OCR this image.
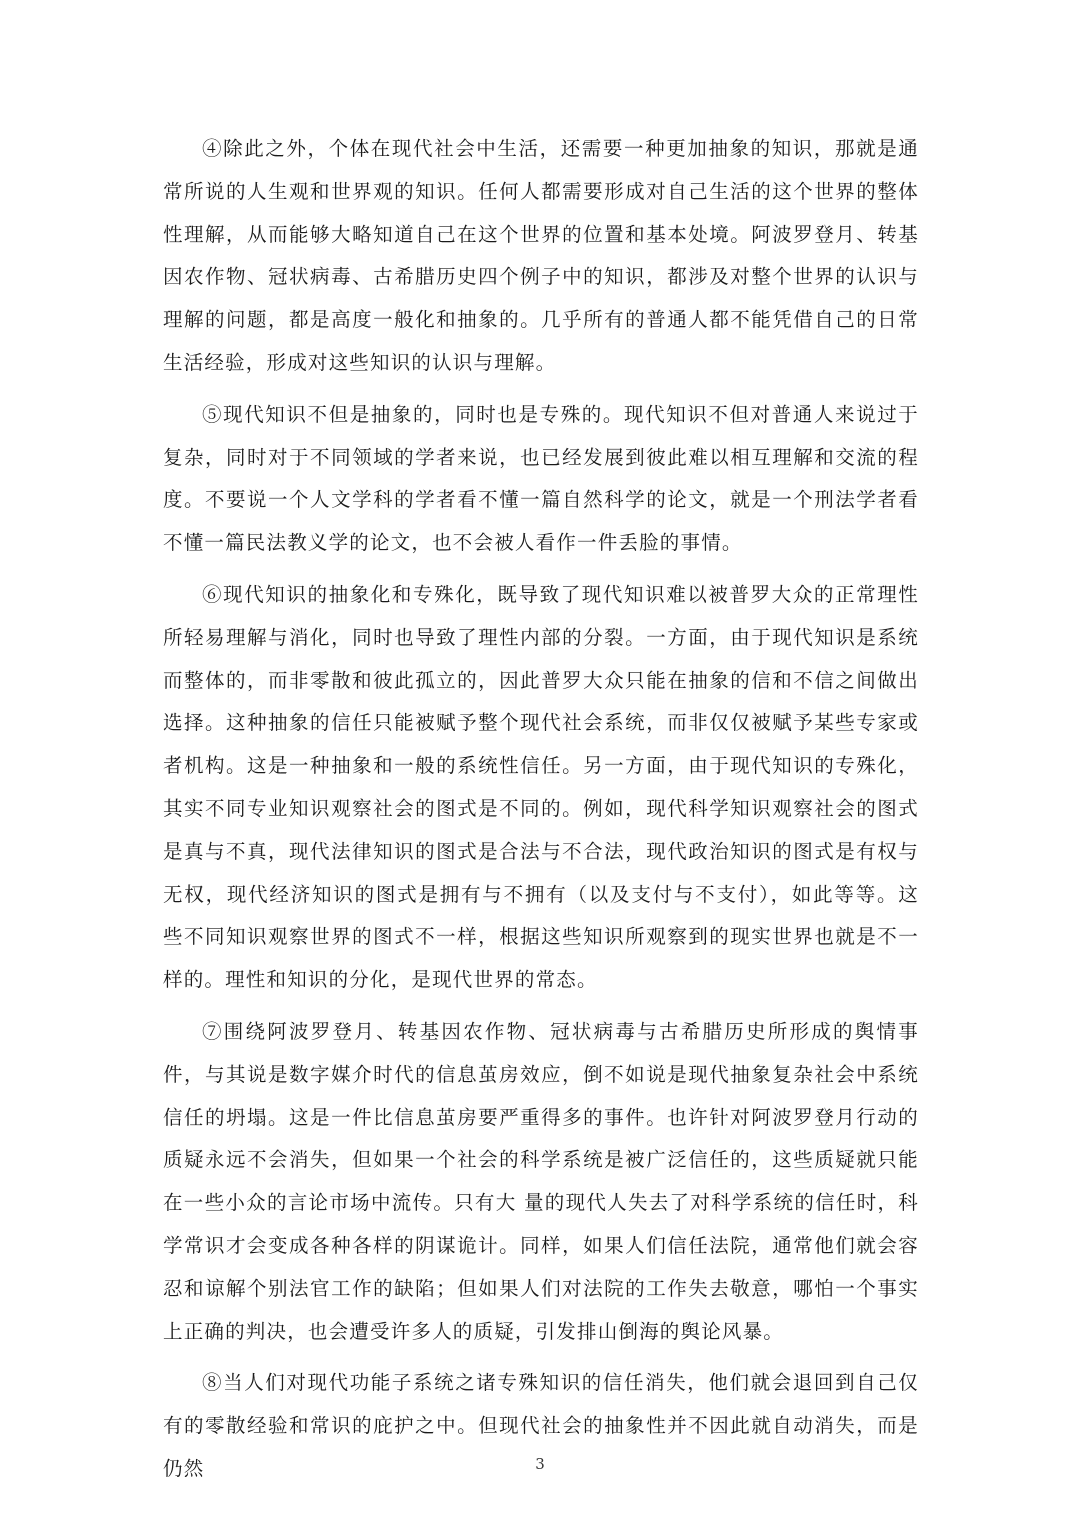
④除此之外，个体在现代社会中生活，还需要一种更加抽象的知识，那就是通常所说的人生观和世界观的知识。任何人都需要形成对自己生活的这个世界的整体性理解，从而能够大略知道自己在这个世界的位置和基本处境。阿波罗登月、转基因农作物、冠状病毒、古希腊历史四个例子中的知识，都涉及对整个世界的认识与理解的问题，都是高度一般化和抽象的。几乎所有的普通人都不能凭借自己的日常生活经验，形成对这些知识的认识与理解。

⑤现代知识不但是抽象的，同时也是专殊的。现代知识不但对普通人来说过于复杂，同时对于不同领域的学者来说，也已经发展到彼此难以相互理解和交流的程度。不要说一个人文学科的学者看不懂一篇自然科学的论文，就是一个刑法学者看不懂一篇民法教义学的论文，也不会被人看作一件丢脸的事情。

⑥现代知识的抽象化和专殊化，既导致了现代知识难以被普罗大众的正常理性所轻易理解与消化，同时也导致了理性内部的分裂。一方面，由于现代知识是系统而整体的，而非零散和彼此孤立的，因此普罗大众只能在抽象的信和不信之间做出选择。这种抽象的信任只能被赋予整个现代社会系统，而非仅仅被赋予某些专家或者机构。这是一种抽象和一般的系统性信任。另一方面，由于现代知识的专殊化，其实不同专业知识观察社会的图式是不同的。例如，现代科学知识观察社会的图式是真与不真，现代法律知识的图式是合法与不合法，现代政治知识的图式是有权与无权，现代经济知识的图式是拥有与不拥有（以及支付与不支付），如此等等。这些不同知识观察世界的图式不一样，根据这些知识所观察到的现实世界也就是不一样的。理性和知识的分化，是现代世界的常态。

⑦围绕阿波罗登月、转基因农作物、冠状病毒与古希腊历史所形成的舆情事件，与其说是数字媒介时代的信息茧房效应，倒不如说是现代抽象复杂社会中系统信任的坍塌。这是一件比信息茧房要严重得多的事件。也许针对阿波罗登月行动的质疑永远不会消失，但如果一个社会的科学系统是被广泛信任的，这些质疑就只能在一些小众的言论市场中流传。只有大 量的现代人失去了对科学系统的信任时，科学常识才会变成各种各样的阴谋诡计。同样，如果人们信任法院，通常他们就会容忍和谅解个别法官工作的缺陷；但如果人们对法院的工作失去敬意，哪怕一个事实上正确的判决，也会遭受许多人的质疑，引发排山倒海的舆论风暴。

⑧当人们对现代功能子系统之诸专殊知识的信任消失，他们就会退回到自己仅有的零散经验和常识的庇护之中。但现代社会的抽象性并不因此就自动消失，而是仍然	3
